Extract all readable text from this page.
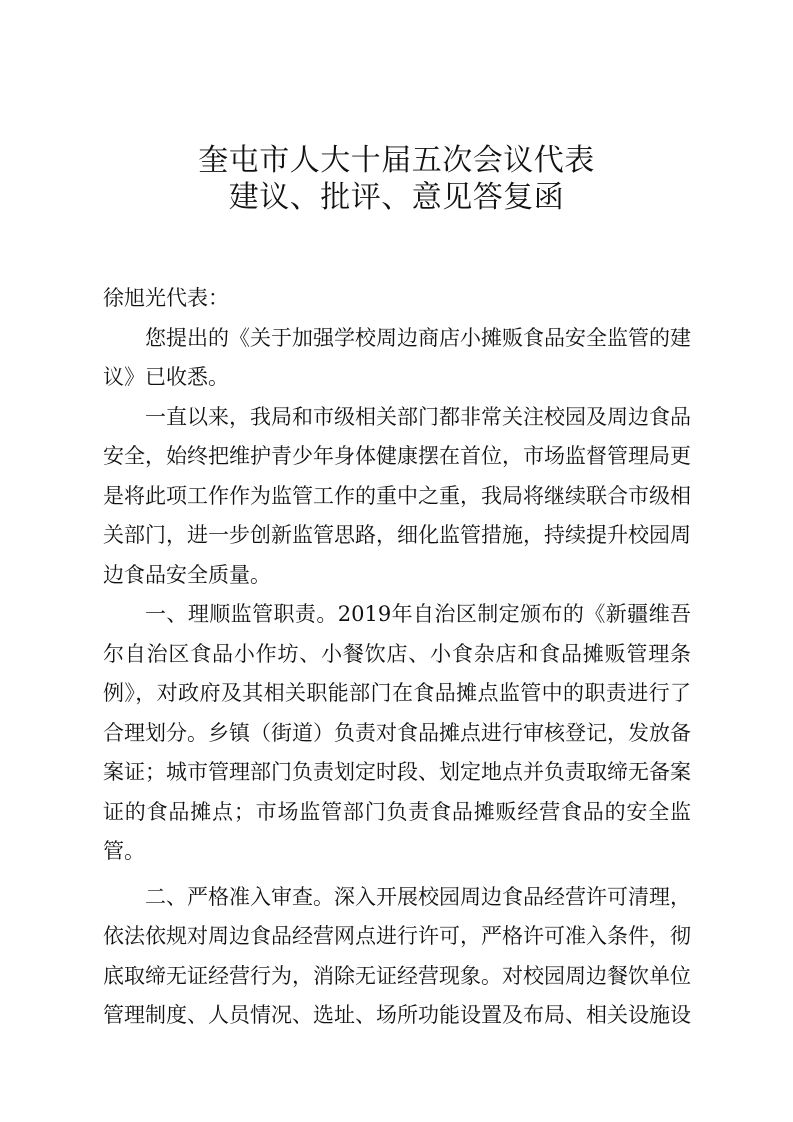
奎屯市人大十届五次会议代表
建议、批评、意见答复函

徐旭光代表：

您提出的《关于加强学校周边商店小摊贩食品安全监管的建议》已收悉。

一直以来，我局和市级相关部门都非常关注校园及周边食品安全，始终把维护青少年身体健康摆在首位，市场监督管理局更是将此项工作作为监管工作的重中之重，我局将继续联合市级相关部门，进一步创新监管思路，细化监管措施，持续提升校园周边食品安全质量。

一、理顺监管职责。2019年自治区制定颁布的《新疆维吾尔自治区食品小作坊、小餐饮店、小食杂店和食品摊贩管理条例》，对政府及其相关职能部门在食品摊点监管中的职责进行了合理划分。乡镇（街道）负责对食品摊点进行审核登记，发放备案证；城市管理部门负责划定时段、划定地点并负责取缔无备案证的食品摊点；市场监管部门负责食品摊贩经营食品的安全监管。

二、严格准入审查。深入开展校园周边食品经营许可清理，依法依规对周边食品经营网点进行许可，严格许可准入条件，彻底取缔无证经营行为，消除无证经营现象。对校园周边餐饮单位管理制度、人员情况、选址、场所功能设置及布局、相关设施设
